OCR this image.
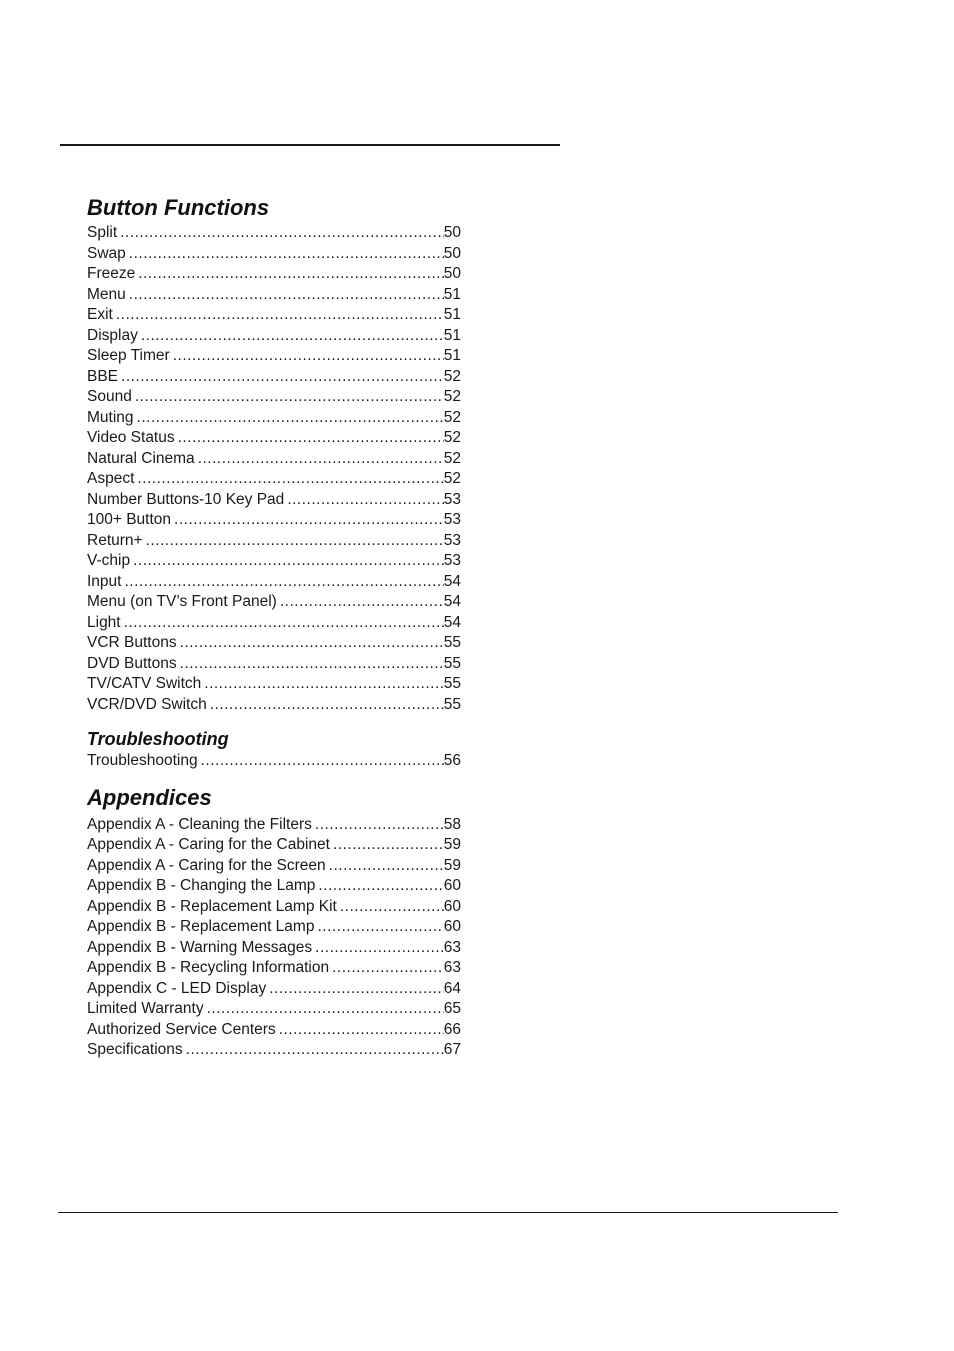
Button Functions
Split .....	50
Swap .....	50
Freeze .....	50
Menu .....	51
Exit .....	51
Display .....	51
Sleep Timer .....	51
BBE .....	52
Sound .....	52
Muting .....	52
Video Status .....	52
Natural Cinema .....	52
Aspect .....	52
Number Buttons-10 Key Pad .....	53
100+ Button .....	53
Return+ .....	53
V-chip .....	53
Input .....	54
Menu (on TV’s Front Panel) .....	54
Light .....	54
VCR Buttons .....	55
DVD Buttons .....	55
TV/CATV Switch .....	55
VCR/DVD Switch .....	55
Troubleshooting
Troubleshooting .....	56
Appendices
Appendix A - Cleaning the Filters .....	58
Appendix A - Caring for the Cabinet .....	59
Appendix A - Caring for the Screen .....	59
Appendix B - Changing the Lamp .....	60
Appendix B - Replacement Lamp Kit .....	60
Appendix B - Replacement Lamp .....	60
Appendix B - Warning Messages .....	63
Appendix B - Recycling Information .....	63
Appendix C - LED Display .....	64
Limited Warranty .....	65
Authorized Service Centers .....	66
Specifications .....	67
